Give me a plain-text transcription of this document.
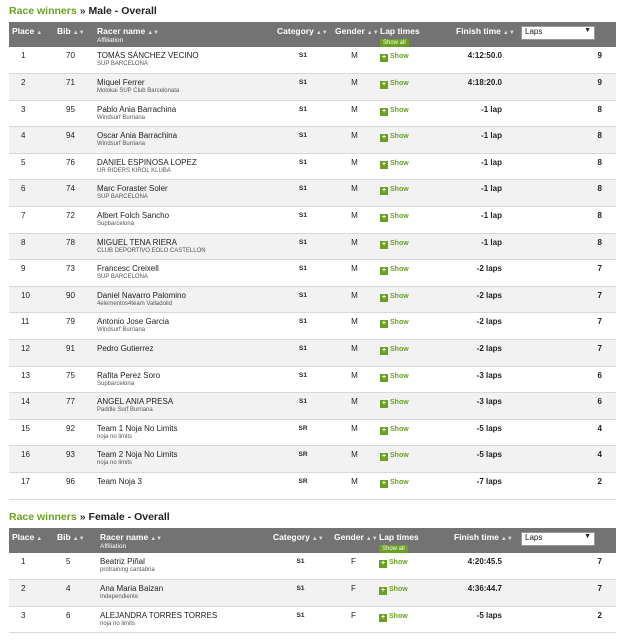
Race winners » Male - Overall
Place ▲	Bib ▲▼	Racer name ▲▼
Affiliation	Category ▲▼	Gender ▲▼	Lap times
Show all	Finish time ▲▼	Laps ▼

1	70	TOMÁS SÁNCHEZ VECINO
SUP BARCELONA	S1	M	+ Show	4:12:50.0	9
2	71	Miquel Ferrer
Molokai SUP Club Barcelonata	S1	M	+ Show	4:18:20.0	9
3	95	Pablo Ania Barrachina
Windsurf Burriana	S1	M	+ Show	-1 lap	8
4	94	Oscar Ania Barrachina
Windsurf Burriana	S1	M	+ Show	-1 lap	8
5	76	DANIEL ESPINOSA LOPEZ
UR RIDERS KIROL KLUBA	S1	M	+ Show	-1 lap	8
6	74	Marc Foraster Soler
SUP BARCELONA	S1	M	+ Show	-1 lap	8
7	72	Albert Folch Sancho
Supbarcelona	S1	M	+ Show	-1 lap	8
8	78	MIGUEL TENA RIERA
CLUB DEPORTIVO EOLO CASTELLON	S1	M	+ Show	-1 lap	8
9	73	Francesc Creixell
SUP BARCELONA	S1	M	+ Show	-2 laps	7
10	90	Daniel Navarro Palomino
4elementos4team Valladolid	S1	M	+ Show	-2 laps	7
11	79	Antonio Jose Garcia
Windsurf Burriana	S1	M	+ Show	-2 laps	7
12	91	Pedro Gutierrez	S1	M	+ Show	-2 laps	7
13	75	Rafita Perez Soro
Supbarcelona	S1	M	+ Show	-3 laps	6
14	77	ANGEL ANIA PRESA
Paddle Surf Burriana	S1	M	+ Show	-3 laps	6
15	92	Team 1 Noja No Limits
noja no limits	SR	M	+ Show	-5 laps	4
16	93	Team 2 Noja No Limits
noja no limits	SR	M	+ Show	-5 laps	4
17	96	Team Noja 3	SR	M	+ Show	-7 laps	2
Race winners » Female - Overall
Place ▲	Bib ▲▼	Racer name ▲▼
Affiliation	Category ▲▼	Gender ▲▼	Lap times
Show all	Finish time ▲▼	Laps ▼

1	5	Beatriz Piñal
protraining cantabria	S1	F	+ Show	4:20:45.5	7
2	4	Ana Maria Baizan
Independiente	S1	F	+ Show	4:36:44.7	7
3	6	ALEJANDRA TORRES TORRES
noja no limits	S1	F	+ Show	-5 laps	2
